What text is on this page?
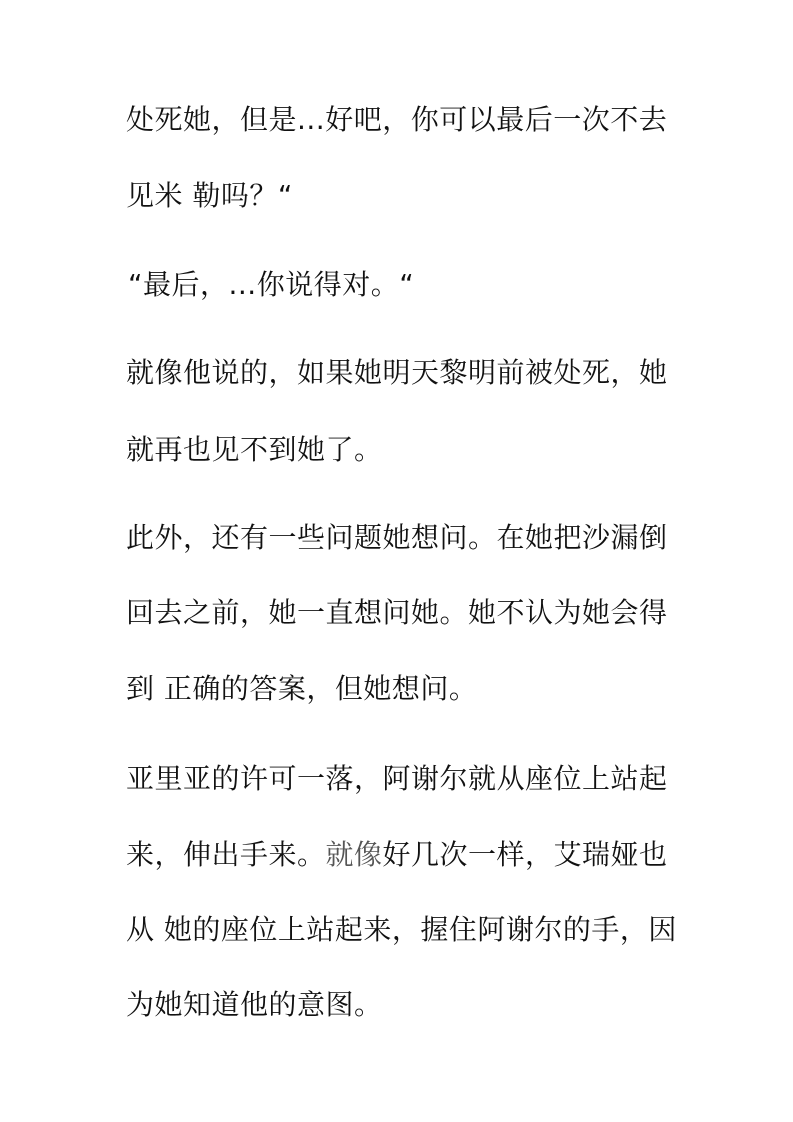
处死她，但是...好吧，你可以最后一次不去
见米 勒吗？“
“最后，...你说得对。“
就像他说的，如果她明天黎明前被处死，她
就再也见不到她了。
此外，还有一些问题她想问。在她把沙漏倒
回去之前，她一直想问她。她不认为她会得
到 正确的答案，但她想问。
亚里亚的许可一落，阿谢尔就从座位上站起
来，伸出手来。就像好几次一样，艾瑞娅也
从 她的座位上站起来，握住阿谢尔的手，因
为她知道他的意图。
